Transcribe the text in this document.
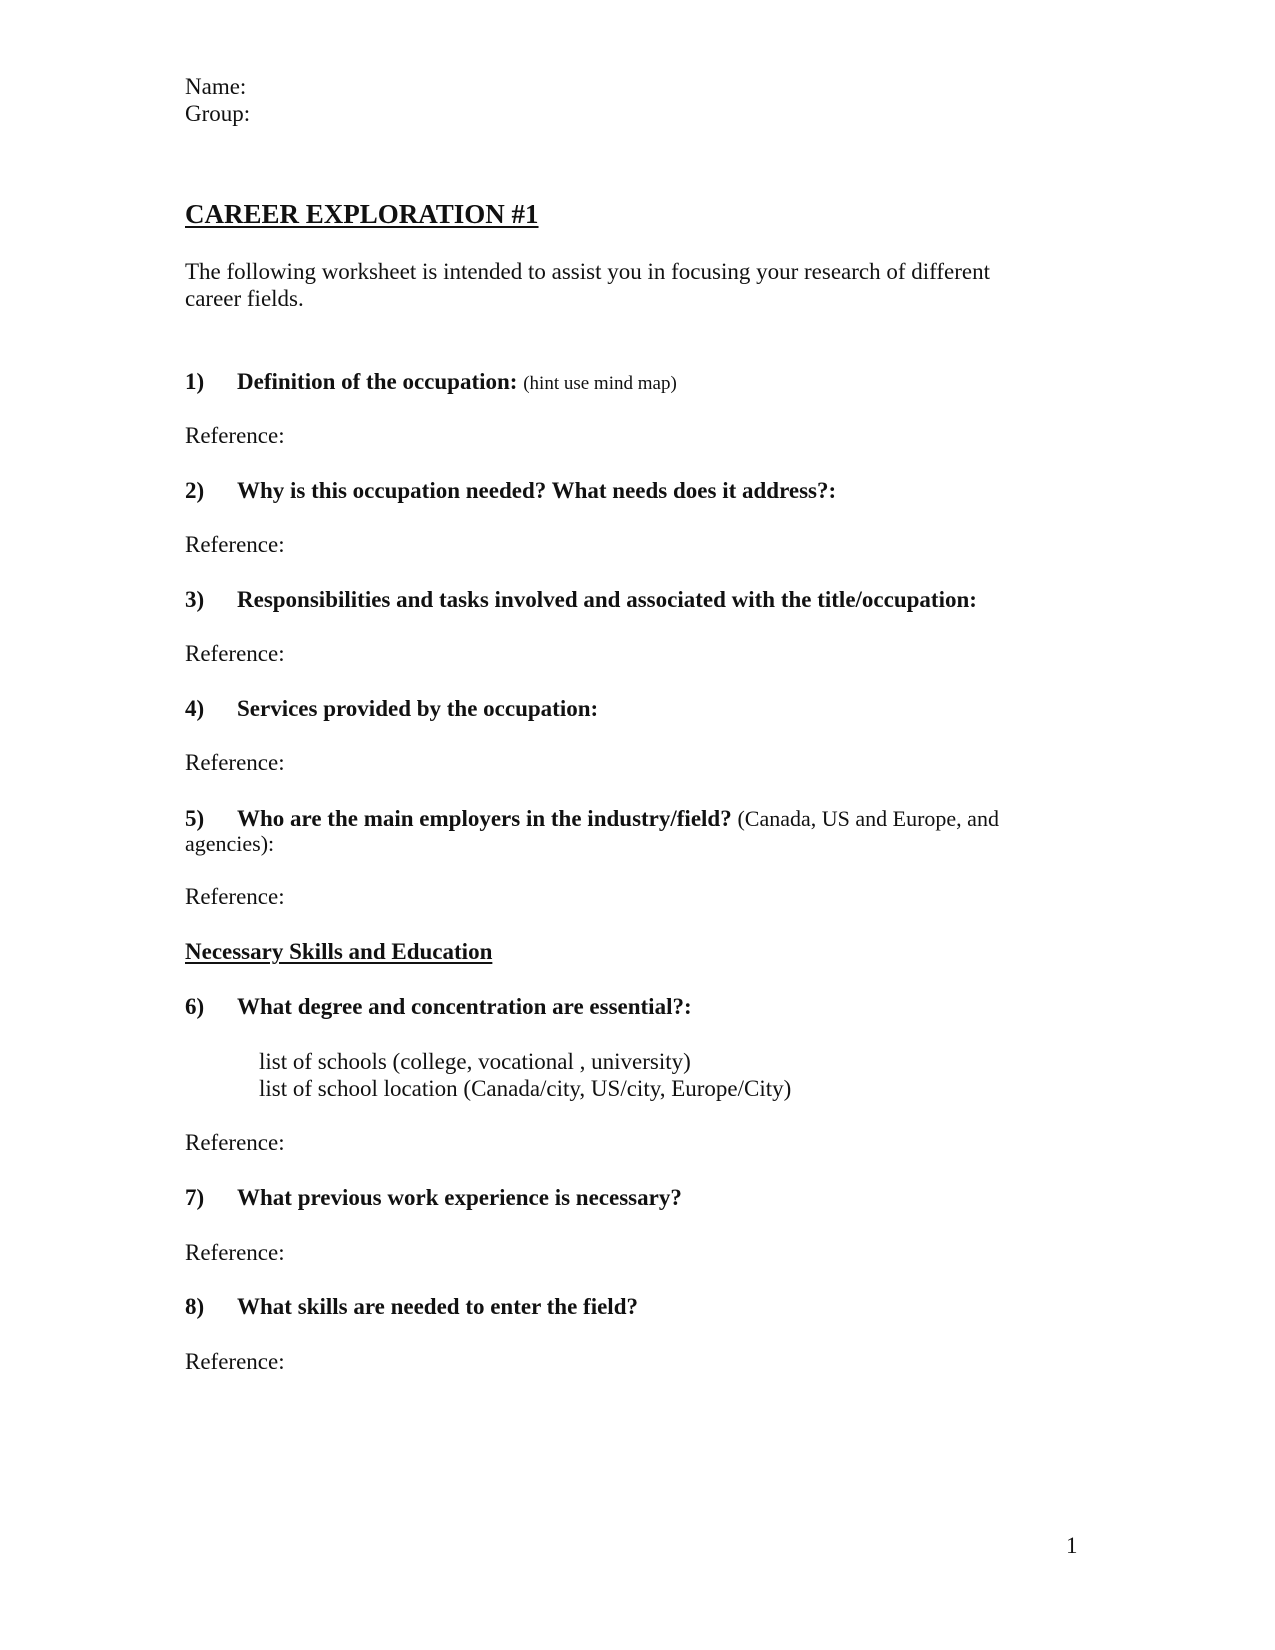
Name:
Group:
CAREER EXPLORATION #1
The following worksheet is intended to assist you in focusing your research of different
career fields.
1) Definition of the occupation: (hint use mind map)
Reference:
2) Why is this occupation needed? What needs does it address?:
Reference:
3) Responsibilities and tasks involved and associated with the title/occupation:
Reference:
4) Services provided by the occupation:
Reference:
5) Who are the main employers in the industry/field? (Canada, US and Europe, and
agencies):
Reference:
Necessary Skills and Education
6) What degree and concentration are essential?:
list of schools (college, vocational , university)
list of school location (Canada/city, US/city, Europe/City)
Reference:
7) What previous work experience is necessary?
Reference:
8) What skills are needed to enter the field?
Reference:
1
